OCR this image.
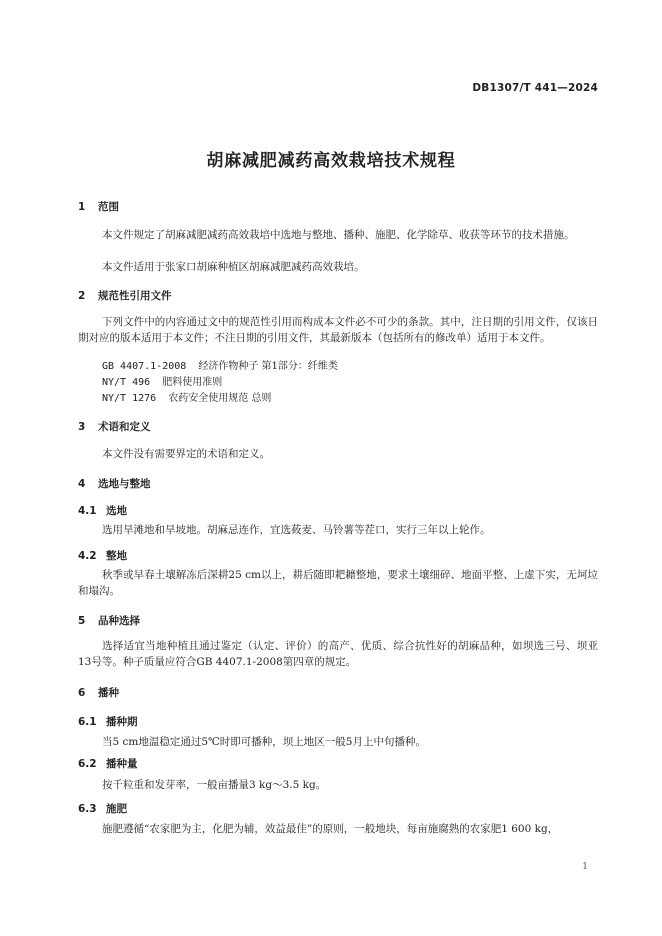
DB1307/T 441—2024
胡麻减肥减药高效栽培技术规程
1 范围
本文件规定了胡麻减肥减药高效栽培中选地与整地、播种、施肥、化学除草、收获等环节的技术措施。
本文件适用于张家口胡麻种植区胡麻减肥减药高效栽培。
2 规范性引用文件
下列文件中的内容通过文中的规范性引用而构成本文件必不可少的条款。其中，注日期的引用文件，仅该日期对应的版本适用于本文件；不注日期的引用文件，其最新版本（包括所有的修改单）适用于本文件。
GB 4407.1-2008 经济作物种子 第1部分：纤维类
NY/T 496 肥料使用准则
NY/T 1276 农药安全使用规范 总则
3 术语和定义
本文件没有需要界定的术语和定义。
4 选地与整地
4.1 选地
选用旱滩地和旱坡地。胡麻忌连作，宜选莜麦、马铃薯等茬口，实行三年以上轮作。
4.2 整地
秋季或早春土壤解冻后深耕25 cm以上，耕后随即耙耱整地，要求土壤细碎、地面平整、上虚下实，无坷垃和塌沟。
5 品种选择
选择适宜当地种植且通过鉴定（认定、评价）的高产、优质、综合抗性好的胡麻品种，如坝选三号、坝亚13号等。种子质量应符合GB 4407.1-2008第四章的规定。
6 播种
6.1 播种期
当5 cm地温稳定通过5℃时即可播种，坝上地区一般5月上中旬播种。
6.2 播种量
按千粒重和发芽率，一般亩播量3 kg～3.5 kg。
6.3 施肥
施肥遵循“农家肥为主，化肥为辅，效益最佳”的原则，一般地块，每亩施腐熟的农家肥1 600 kg，
1
